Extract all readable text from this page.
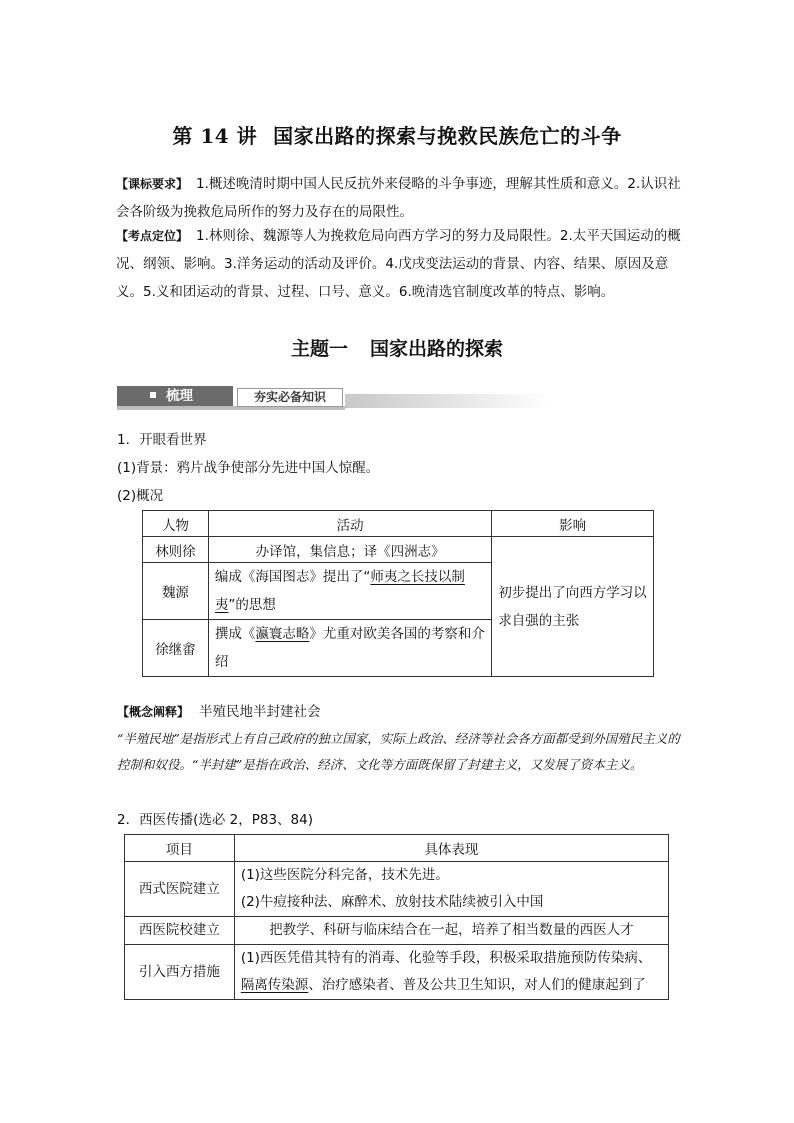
第 14 讲 国家出路的探索与挽救民族危亡的斗争
【课标要求】 1.概述晚清时期中国人民反抗外来侵略的斗争事迹，理解其性质和意义。2.认识社会各阶级为挽救危局所作的努力及存在的局限性。
【考点定位】 1.林则徐、魏源等人为挽救危局向西方学习的努力及局限性。2.太平天国运动的概况、纲领、影响。3.洋务运动的活动及评价。4.戊戌变法运动的背景、内容、结果、原因及意义。5.义和团运动的背景、过程、口号、意义。6.晚清选官制度改革的特点、影响。
主题一 国家出路的探索
梳理	夯实必备知识
1．开眼看世界
(1)背景：鸦片战争使部分先进中国人惊醒。
(2)概况
人物	活动	影响
林则徐	办译馆，集信息；译《四洲志》	初步提出了向西方学习以求自强的主张
魏源	编成《海国图志》提出了“师夷之长技以制夷”的思想	
徐继畬	撰成《瀛寰志略》尤重对欧美各国的考察和介绍	
【概念阐释】 半殖民地半封建社会
“半殖民地”是指形式上有自己政府的独立国家，实际上政治、经济等社会各方面都受到外国殖民主义的控制和奴役。“半封建”是指在政治、经济、文化等方面既保留了封建主义，又发展了资本主义。
2．西医传播(选必 2，P83、84)
项目	具体表现
西式医院建立	(1)这些医院分科完备，技术先进。
(2)牛痘接种法、麻醉术、放射技术陆续被引入中国

西医院校建立	把教学、科研与临床结合在一起，培养了相当数量的西医人才
引入西方措施	(1)西医凭借其特有的消毒、化验等手段，积极采取措施预防传染病、
隔离传染源、治疗感染者、普及公共卫生知识，对人们的健康起到了
